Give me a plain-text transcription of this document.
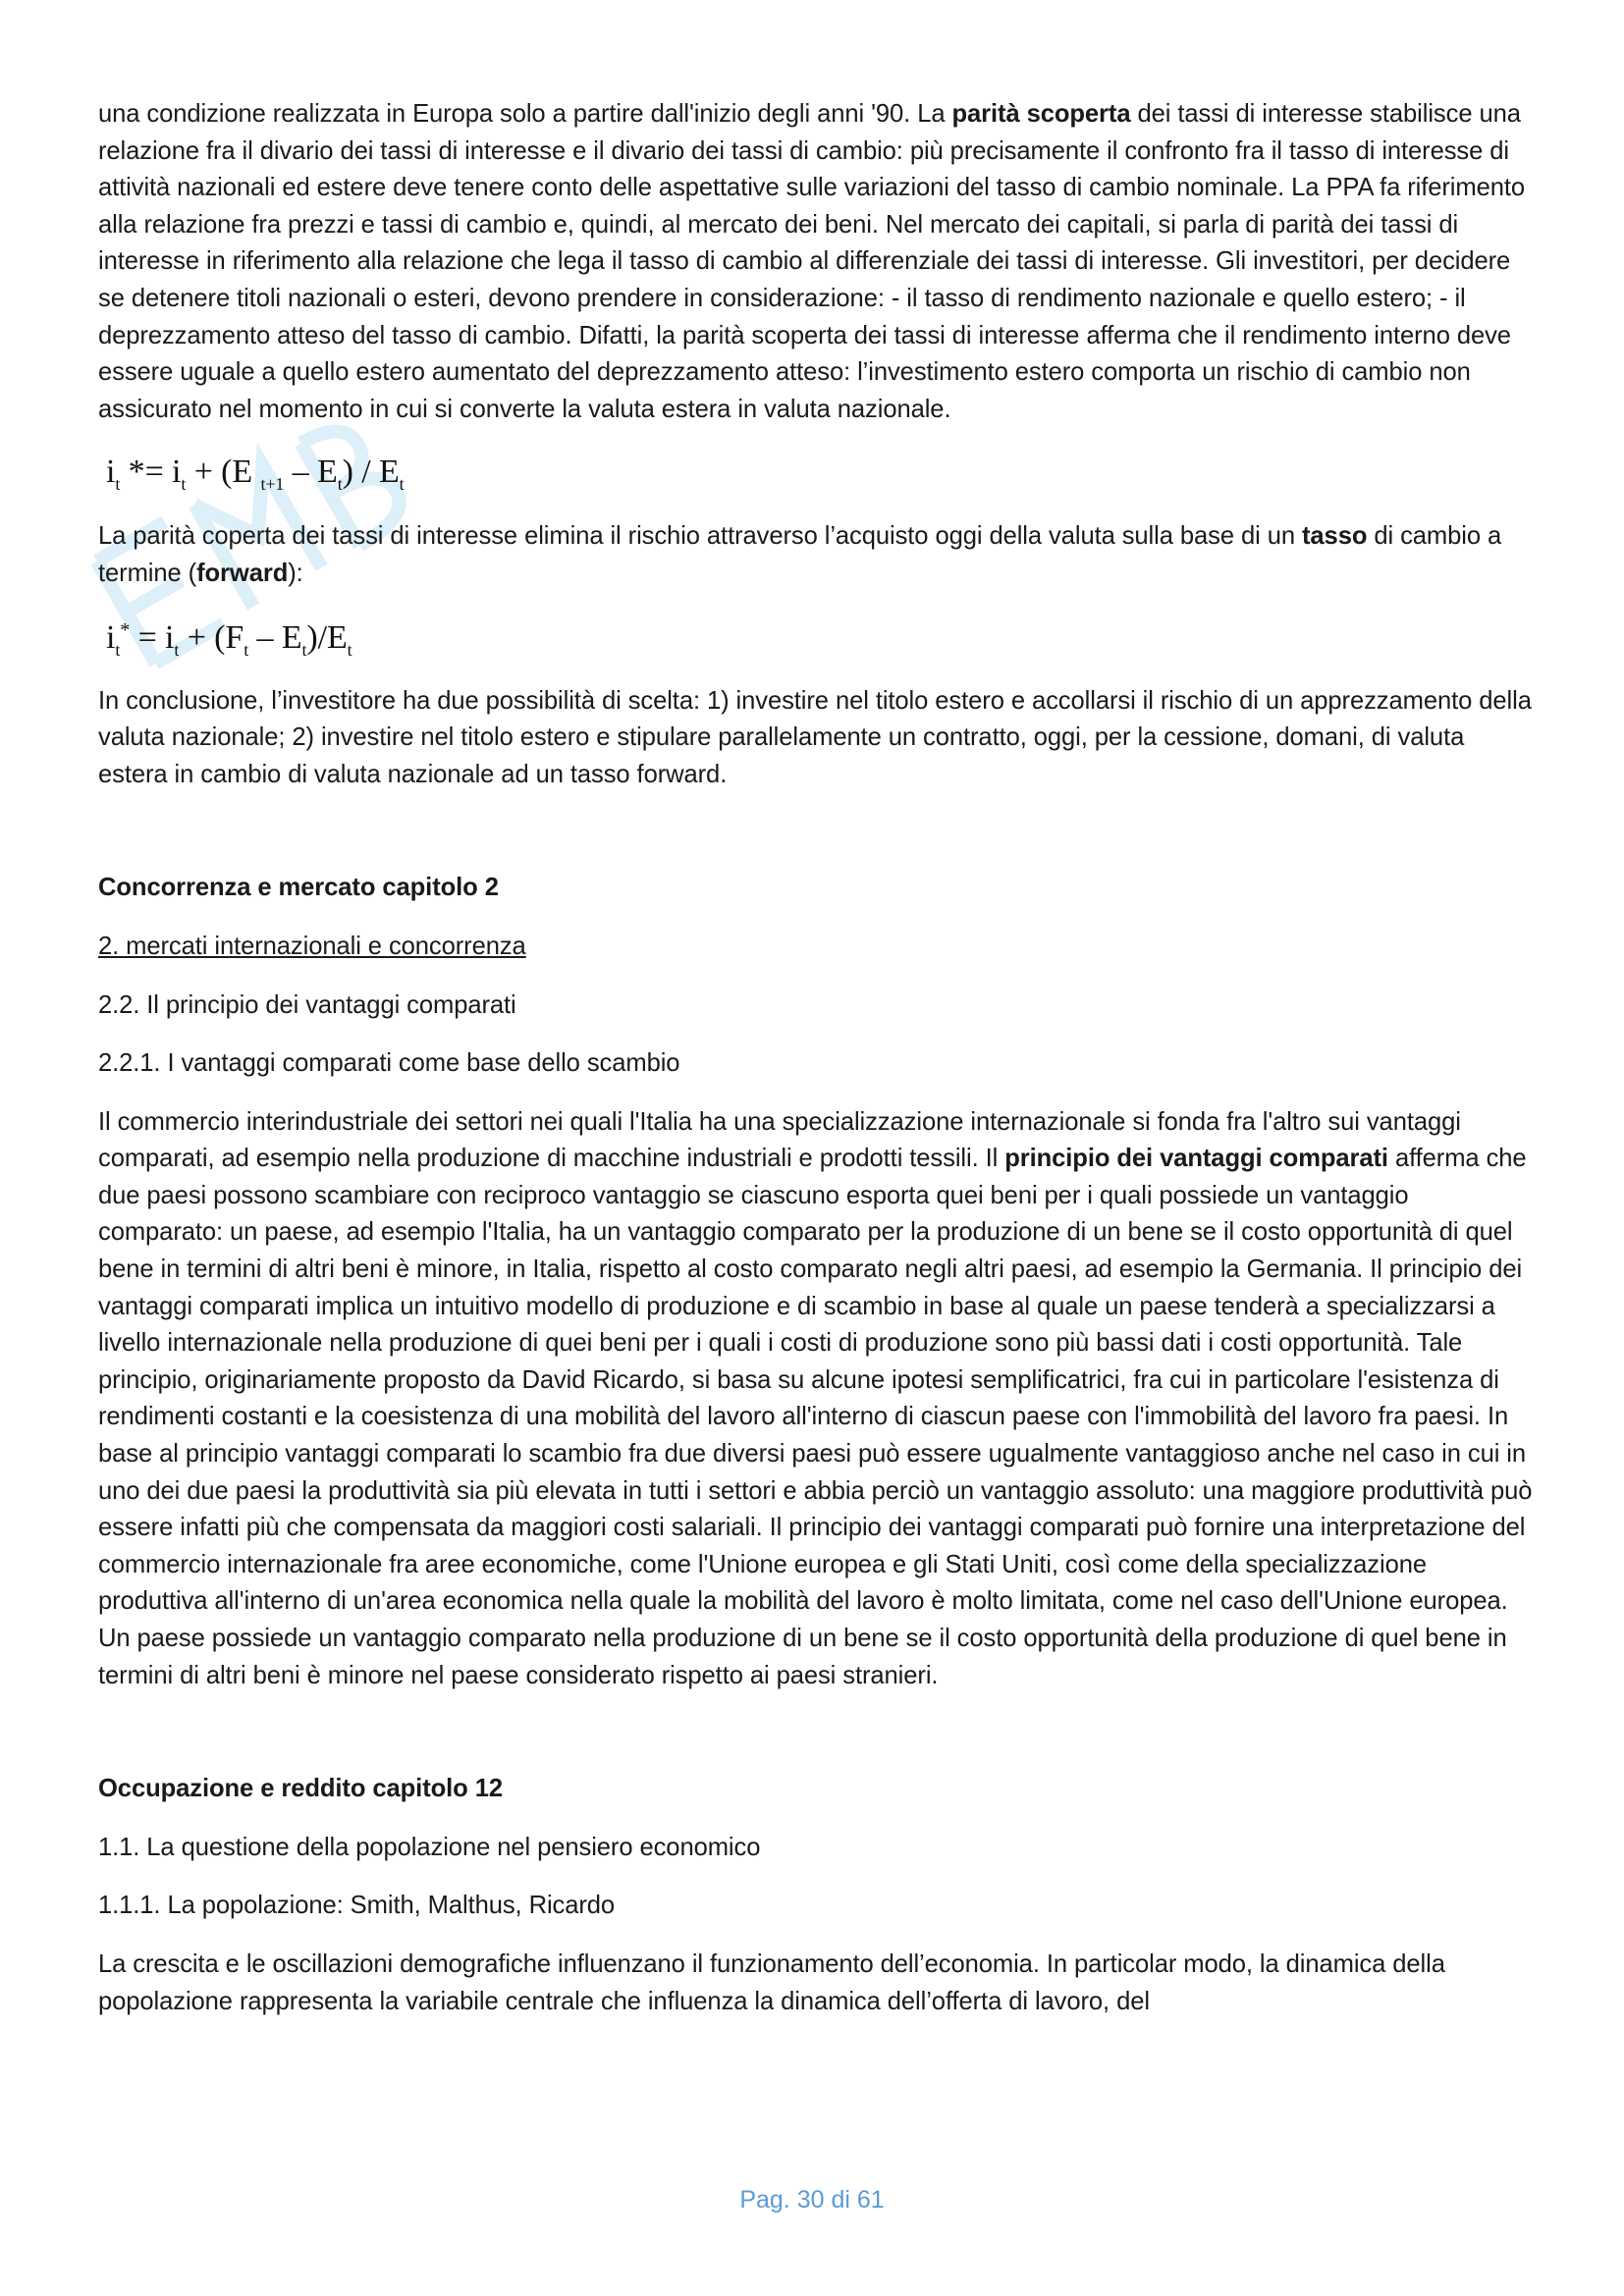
una condizione realizzata in Europa solo a partire dall'inizio degli anni '90. La parità scoperta dei tassi di interesse stabilisce una relazione fra il divario dei tassi di interesse e il divario dei tassi di cambio: più precisamente il confronto fra il tasso di interesse di attività nazionali ed estere deve tenere conto delle aspettative sulle variazioni del tasso di cambio nominale. La PPA fa riferimento alla relazione fra prezzi e tassi di cambio e, quindi, al mercato dei beni. Nel mercato dei capitali, si parla di parità dei tassi di interesse in riferimento alla relazione che lega il tasso di cambio al differenziale dei tassi di interesse. Gli investitori, per decidere se detenere titoli nazionali o esteri, devono prendere in considerazione: - il tasso di rendimento nazionale e quello estero; - il deprezzamento atteso del tasso di cambio. Difatti, la parità scoperta dei tassi di interesse afferma che il rendimento interno deve essere uguale a quello estero aumentato del deprezzamento atteso: l’investimento estero comporta un rischio di cambio non assicurato nel momento in cui si converte la valuta estera in valuta nazionale.

$i_t *= i_t + (E$ $_{t+1} - E_t) / E_t$

La parità coperta dei tassi di interesse elimina il rischio attraverso l’acquisto oggi della valuta sulla base di un tasso di cambio a termine (forward):

$i_t^* = i_t + (F_t - E_t)/E_t$

In conclusione, l’investitore ha due possibilità di scelta: 1) investire nel titolo estero e accollarsi il rischio di un apprezzamento della valuta nazionale; 2) investire nel titolo estero e stipulare parallelamente un contratto, oggi, per la cessione, domani, di valuta estera in cambio di valuta nazionale ad un tasso forward.

Concorrenza e mercato capitolo 2

2. mercati internazionali e concorrenza

2.2. Il principio dei vantaggi comparati

2.2.1. I vantaggi comparati come base dello scambio

Il commercio interindustriale dei settori nei quali l'Italia ha una specializzazione internazionale si fonda fra l'altro sui vantaggi comparati, ad esempio nella produzione di macchine industriali e prodotti tessili. Il principio dei vantaggi comparati afferma che due paesi possono scambiare con reciproco vantaggio se ciascuno esporta quei beni per i quali possiede un vantaggio comparato: un paese, ad esempio l'Italia, ha un vantaggio comparato per la produzione di un bene se il costo opportunità di quel bene in termini di altri beni è minore, in Italia, rispetto al costo comparato negli altri paesi, ad esempio la Germania. Il principio dei vantaggi comparati implica un intuitivo modello di produzione e di scambio in base al quale un paese tenderà a specializzarsi a livello internazionale nella produzione di quei beni per i quali i costi di produzione sono più bassi dati i costi opportunità. Tale principio, originariamente proposto da David Ricardo, si basa su alcune ipotesi semplificatrici, fra cui in particolare l'esistenza di rendimenti costanti e la coesistenza di una mobilità del lavoro all'interno di ciascun paese con l'immobilità del lavoro fra paesi. In base al principio vantaggi comparati lo scambio fra due diversi paesi può essere ugualmente vantaggioso anche nel caso in cui in uno dei due paesi la produttività sia più elevata in tutti i settori e abbia perciò un vantaggio assoluto: una maggiore produttività può essere infatti più che compensata da maggiori costi salariali. Il principio dei vantaggi comparati può fornire una interpretazione del commercio internazionale fra aree economiche, come l'Unione europea e gli Stati Uniti, così come della specializzazione produttiva all'interno di un'area economica nella quale la mobilità del lavoro è molto limitata, come nel caso dell'Unione europea. Un paese possiede un vantaggio comparato nella produzione di un bene se il costo opportunità della produzione di quel bene in termini di altri beni è minore nel paese considerato rispetto ai paesi stranieri.

Occupazione e reddito capitolo 12

1.1. La questione della popolazione nel pensiero economico

1.1.1. La popolazione: Smith, Malthus, Ricardo

La crescita e le oscillazioni demografiche influenzano il funzionamento dell’economia. In particolar modo, la dinamica della popolazione rappresenta la variabile centrale che influenza la dinamica dell’offerta di lavoro, del

Pag. 30 di 61
